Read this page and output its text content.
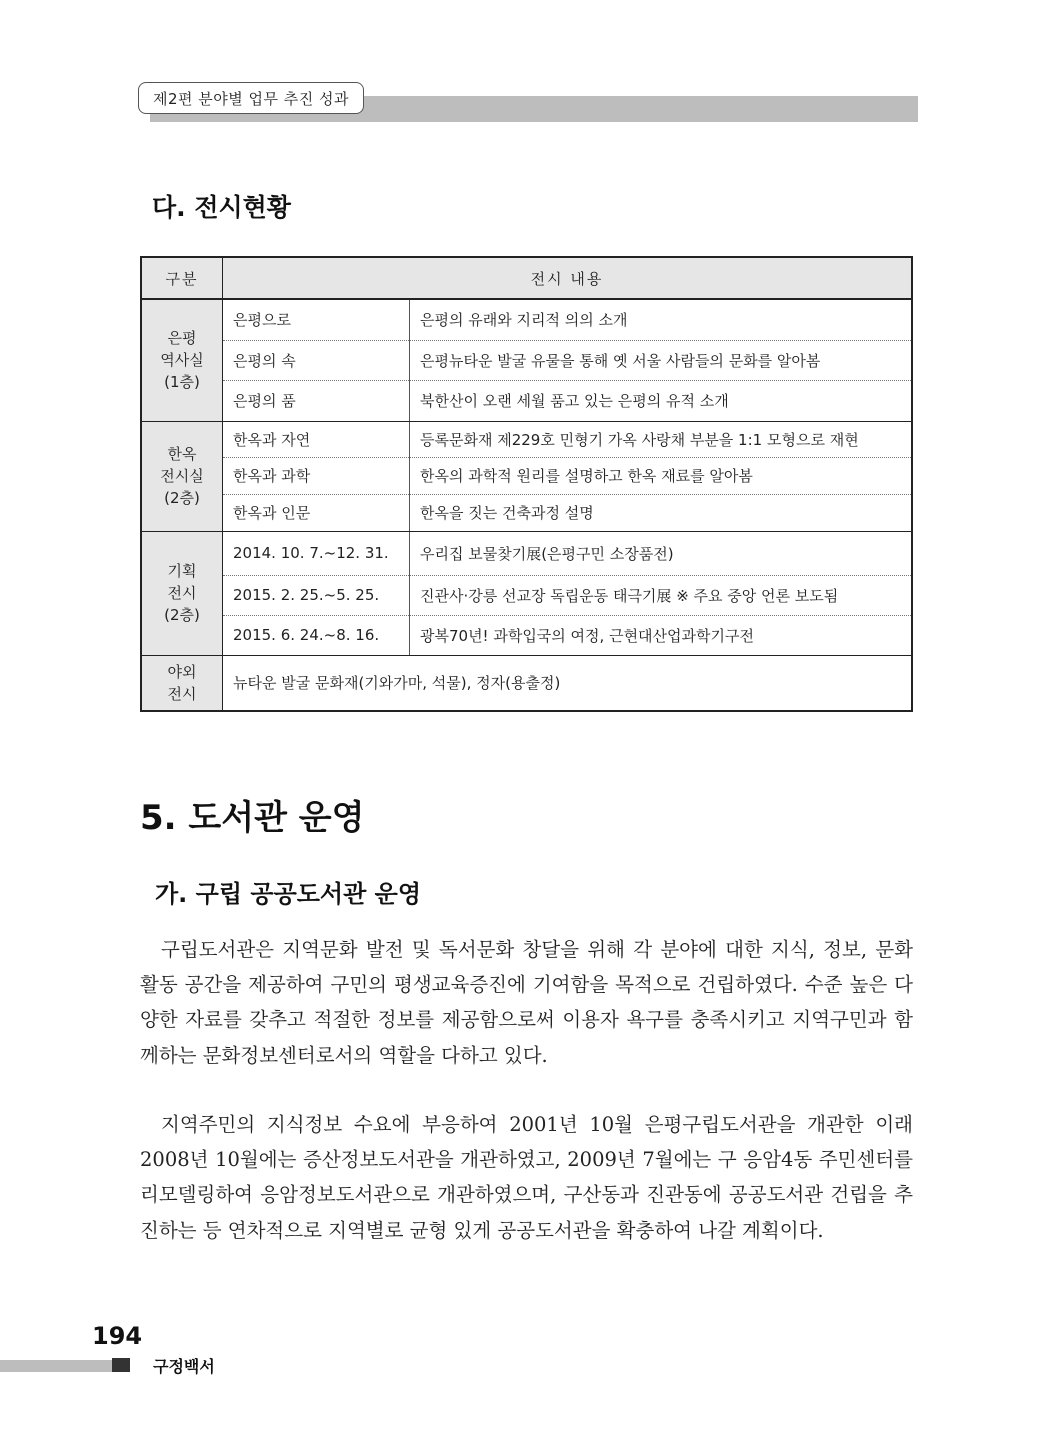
제2편 분야별 업무 추진 성과
다. 전시현황
구분	전시 내용	
은평
역사실
(1층)	은평으로	은평의 유래와 지리적 의의 소개
	은평의 속	은평뉴타운 발굴 유물을 통해 옛 서울 사람들의 문화를 알아봄
	은평의 품	북한산이 오랜 세월 품고 있는 은평의 유적 소개
한옥
전시실
(2층)	한옥과 자연	등록문화재 제229호 민형기 가옥 사랑채 부분을 1:1 모형으로 재현
	한옥과 과학	한옥의 과학적 원리를 설명하고 한옥 재료를 알아봄
	한옥과 인문	한옥을 짓는 건축과정 설명
기획
전시
(2층)	2014. 10. 7.~12. 31.	우리집 보물찾기展(은평구민 소장품전)
	2015. 2. 25.~5. 25.	진관사·강릉 선교장 독립운동 태극기展 ※ 주요 중앙 언론 보도됨
	2015. 6. 24.~8. 16.	광복70년! 과학입국의 여정, 근현대산업과학기구전
야외
전시	뉴타운 발굴 문화재(기와가마, 석물), 정자(용출정)	
5. 도서관 운영
가. 구립 공공도서관 운영

구립도서관은 지역문화 발전 및 독서문화 창달을 위해 각 분야에 대한 지식, 정보, 문화 활동 공간을 제공하여 구민의 평생교육증진에 기여함을 목적으로 건립하였다. 수준 높은 다양한 자료를 갖추고 적절한 정보를 제공함으로써 이용자 욕구를 충족시키고 지역구민과 함께하는 문화정보센터로서의 역할을 다하고 있다.

지역주민의 지식정보 수요에 부응하여 2001년 10월 은평구립도서관을 개관한 이래 2008년 10월에는 증산정보도서관을 개관하였고, 2009년 7월에는 구 응암4동 주민센터를 리모델링하여 응암정보도서관으로 개관하였으며, 구산동과 진관동에 공공도서관 건립을 추진하는 등 연차적으로 지역별로 균형 있게 공공도서관을 확충하여 나갈 계획이다.

194
구정백서
